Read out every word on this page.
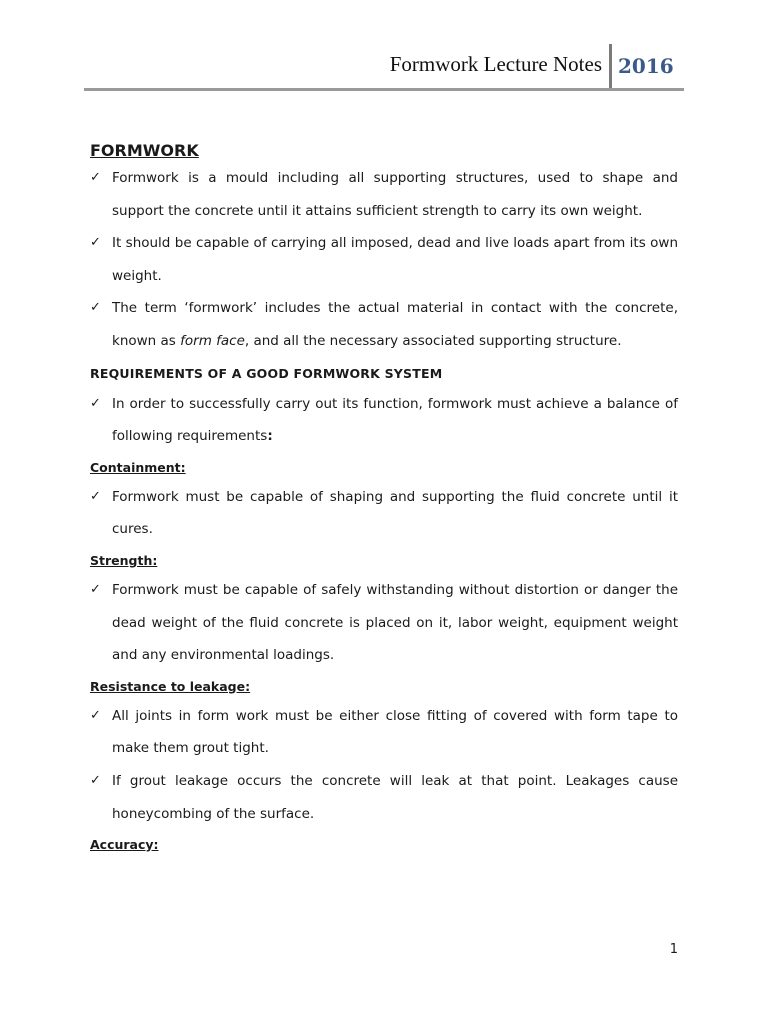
Formwork Lecture Notes 2016
FORMWORK
✓ Formwork is a mould including all supporting structures, used to shape and support the concrete until it attains sufficient strength to carry its own weight.
✓ It should be capable of carrying all imposed, dead and live loads apart from its own weight.
✓ The term ‘formwork’ includes the actual material in contact with the concrete, known as form face, and all the necessary associated supporting structure.
REQUIREMENTS OF A GOOD FORMWORK SYSTEM
✓ In order to successfully carry out its function, formwork must achieve a balance of following requirements:
Containment:
✓ Formwork must be capable of shaping and supporting the fluid concrete until it cures.
Strength:
✓ Formwork must be capable of safely withstanding without distortion or danger the dead weight of the fluid concrete is placed on it, labor weight, equipment weight and any environmental loadings.
Resistance to leakage:
✓ All joints in form work must be either close fitting of covered with form tape to make them grout tight.
✓ If grout leakage occurs the concrete will leak at that point. Leakages cause honeycombing of the surface.
Accuracy:
1
